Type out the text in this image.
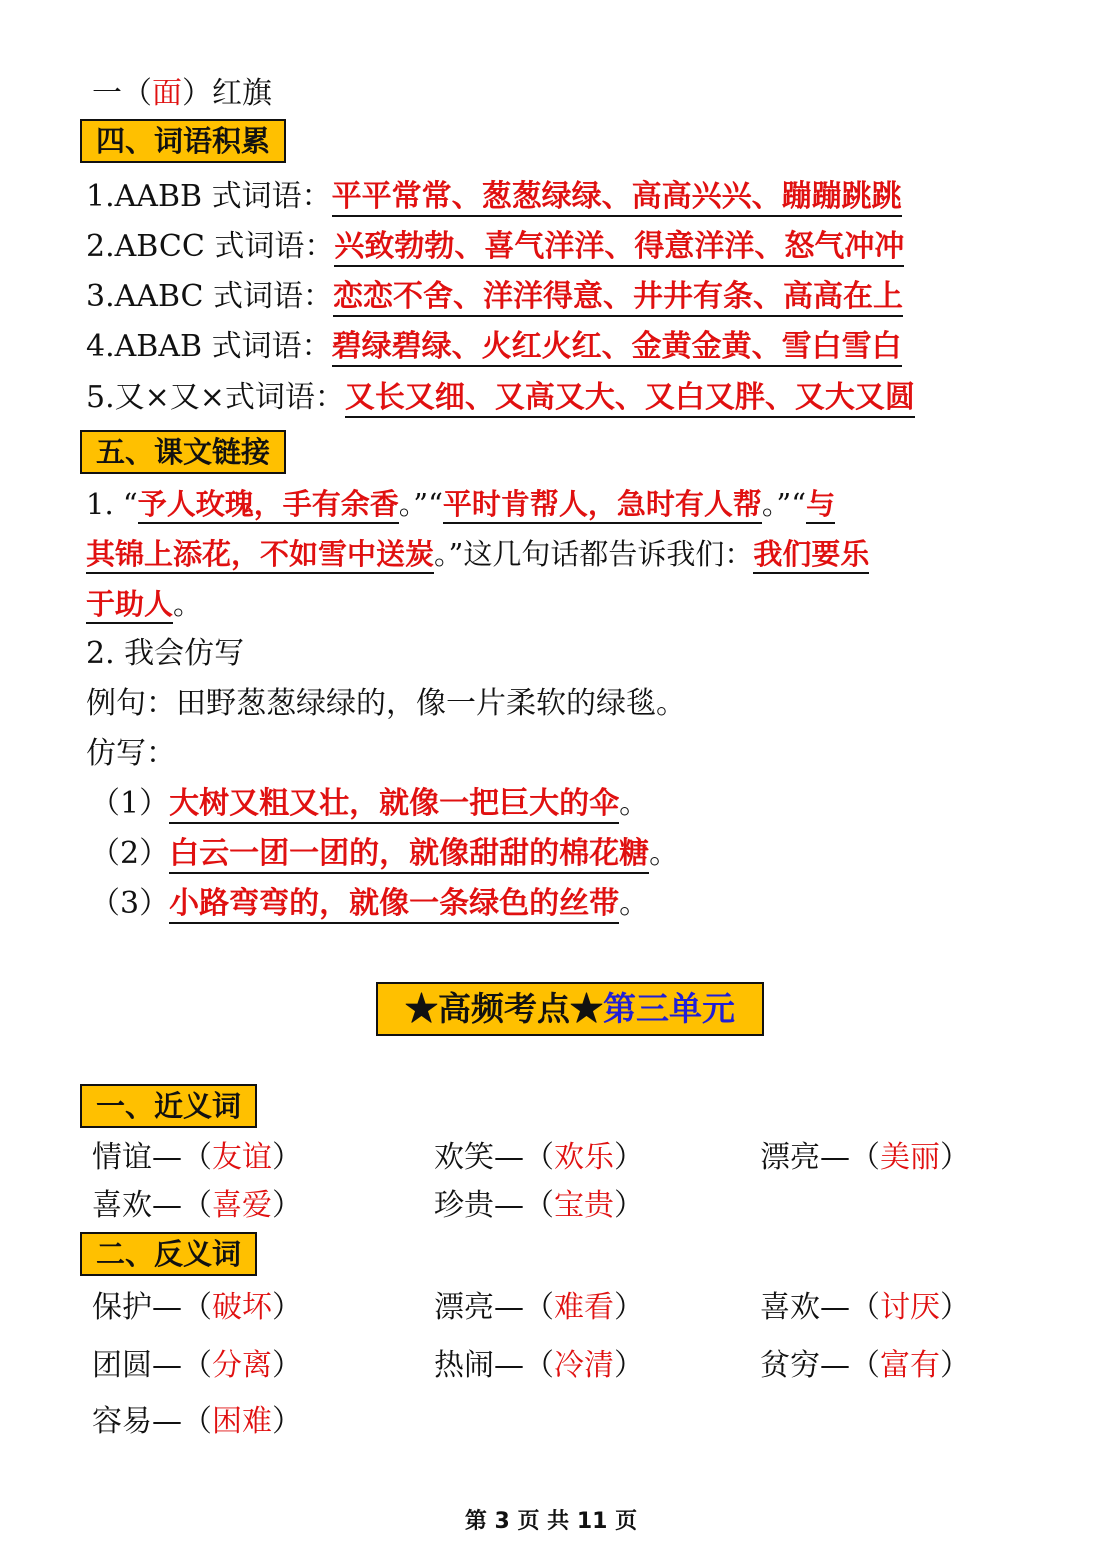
一（面）红旗
四、词语积累
1.AABB 式词语：平平常常、葱葱绿绿、高高兴兴、蹦蹦跳跳
2.ABCC 式词语：兴致勃勃、喜气洋洋、得意洋洋、怒气冲冲
3.AABC 式词语：恋恋不舍、洋洋得意、井井有条、高高在上
4.ABAB 式词语：碧绿碧绿、火红火红、金黄金黄、雪白雪白
5.又×又×式词语：又长又细、又高又大、又白又胖、又大又圆
五、课文链接
1. “予人玫瑰，手有余香。”“平时肯帮人，急时有人帮。”“与
其锦上添花，不如雪中送炭。”这几句话都告诉我们：我们要乐
于助人。
2. 我会仿写
例句：田野葱葱绿绿的，像一片柔软的绿毯。
仿写：
（1）大树又粗又壮，就像一把巨大的伞。
（2）白云一团一团的，就像甜甜的棉花糖。
（3）小路弯弯的，就像一条绿色的丝带。
★高频考点★第三单元
一、近义词
情谊—（友谊）	欢笑—（欢乐）	漂亮—（美丽）
喜欢—（喜爱）	珍贵—（宝贵）
二、反义词
保护—（破坏）	漂亮—（难看）	喜欢—（讨厌）
团圆—（分离）	热闹—（冷清）	贫穷—（富有）
容易—（困难）
第 3 页 共 11 页
